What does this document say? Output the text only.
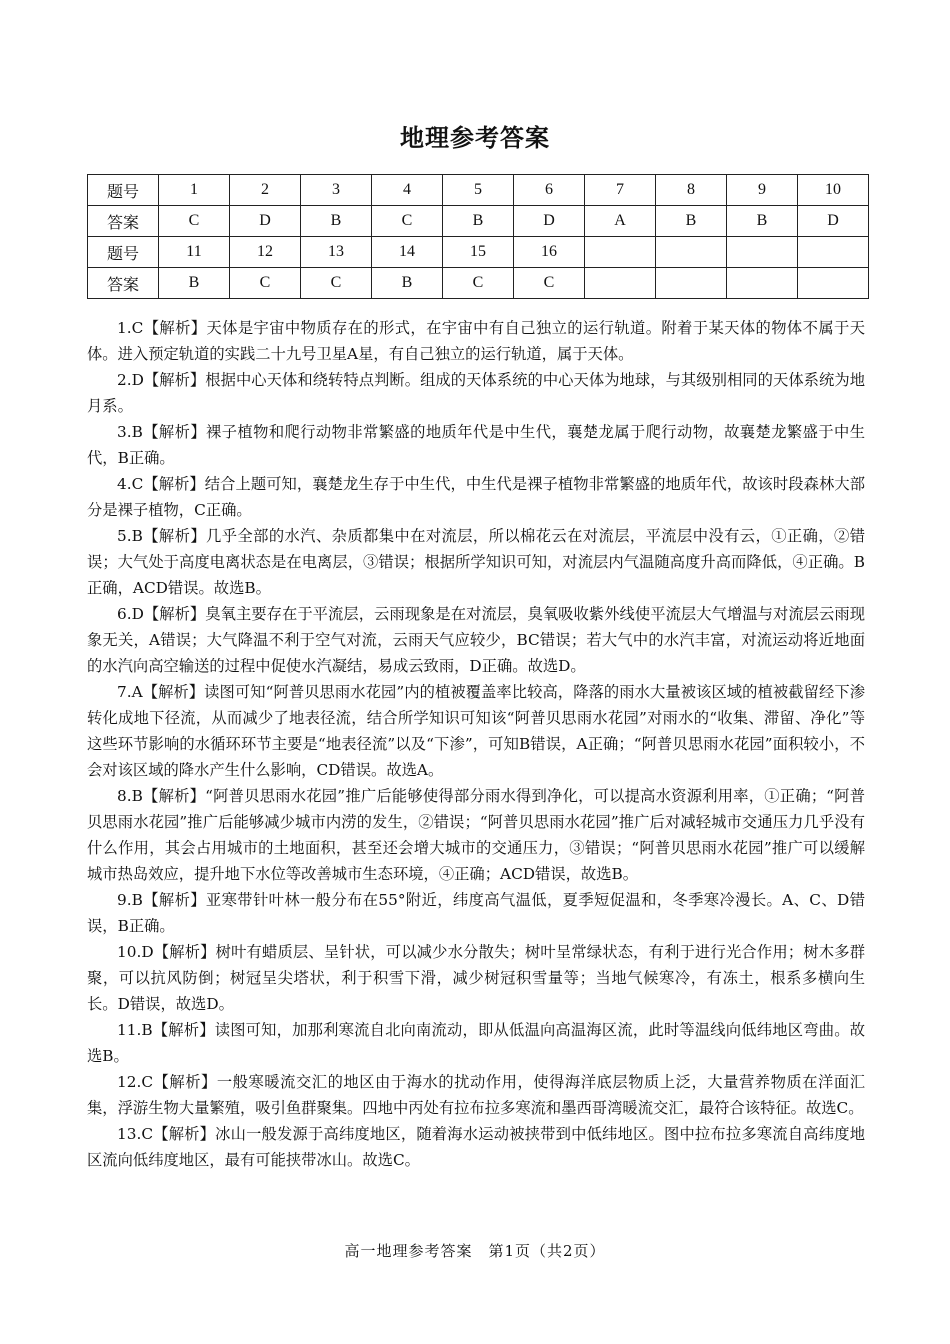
地理参考答案
题号	1	2	3	4	5	6	7	8	9	10
答案	C	D	B	C	B	D	A	B	B	D
题号	11	12	13	14	15	16				
答案	B	C	C	B	C	C				

1.C【解析】天体是宇宙中物质存在的形式，在宇宙中有自己独立的运行轨道。附着于某天体的物体不属于天体。进入预定轨道的实践二十九号卫星A星，有自己独立的运行轨道，属于天体。

2.D【解析】根据中心天体和绕转特点判断。组成的天体系统的中心天体为地球，与其级别相同的天体系统为地月系。

3.B【解析】裸子植物和爬行动物非常繁盛的地质年代是中生代，襄楚龙属于爬行动物，故襄楚龙繁盛于中生代，B正确。

4.C【解析】结合上题可知，襄楚龙生存于中生代，中生代是裸子植物非常繁盛的地质年代，故该时段森林大部分是裸子植物，C正确。

5.B【解析】几乎全部的水汽、杂质都集中在对流层，所以棉花云在对流层，平流层中没有云，①正确，②错误；大气处于高度电离状态是在电离层，③错误；根据所学知识可知，对流层内气温随高度升高而降低，④正确。B正确，ACD错误。故选B。

6.D【解析】臭氧主要存在于平流层，云雨现象是在对流层，臭氧吸收紫外线使平流层大气增温与对流层云雨现象无关，A错误；大气降温不利于空气对流，云雨天气应较少，BC错误；若大气中的水汽丰富，对流运动将近地面的水汽向高空输送的过程中促使水汽凝结，易成云致雨，D正确。故选D。

7.A【解析】读图可知“阿普贝思雨水花园”内的植被覆盖率比较高，降落的雨水大量被该区域的植被截留经下渗转化成地下径流，从而减少了地表径流，结合所学知识可知该“阿普贝思雨水花园”对雨水的“收集、滞留、净化”等这些环节影响的水循环环节主要是“地表径流”以及“下渗”，可知B错误，A正确；“阿普贝思雨水花园”面积较小，不会对该区域的降水产生什么影响，CD错误。故选A。

8.B【解析】“阿普贝思雨水花园”推广后能够使得部分雨水得到净化，可以提高水资源利用率，①正确；“阿普贝思雨水花园”推广后能够减少城市内涝的发生，②错误；“阿普贝思雨水花园”推广后对减轻城市交通压力几乎没有什么作用，其会占用城市的土地面积，甚至还会增大城市的交通压力，③错误；“阿普贝思雨水花园”推广可以缓解城市热岛效应，提升地下水位等改善城市生态环境，④正确；ACD错误，故选B。

9.B【解析】亚寒带针叶林一般分布在55°附近，纬度高气温低，夏季短促温和，冬季寒冷漫长。A、C、D错误，B正确。

10.D【解析】树叶有蜡质层、呈针状，可以减少水分散失；树叶呈常绿状态，有利于进行光合作用；树木多群聚，可以抗风防倒；树冠呈尖塔状，利于积雪下滑，减少树冠积雪量等；当地气候寒冷，有冻土，根系多横向生长。D错误，故选D。

11.B【解析】读图可知，加那利寒流自北向南流动，即从低温向高温海区流，此时等温线向低纬地区弯曲。故选B。

12.C【解析】一般寒暖流交汇的地区由于海水的扰动作用，使得海洋底层物质上泛，大量营养物质在洋面汇集，浮游生物大量繁殖，吸引鱼群聚集。四地中丙处有拉布拉多寒流和墨西哥湾暖流交汇，最符合该特征。故选C。

13.C【解析】冰山一般发源于高纬度地区，随着海水运动被挟带到中低纬地区。图中拉布拉多寒流自高纬度地区流向低纬度地区，最有可能挟带冰山。故选C。

高一地理参考答案　第1页（共2页）
